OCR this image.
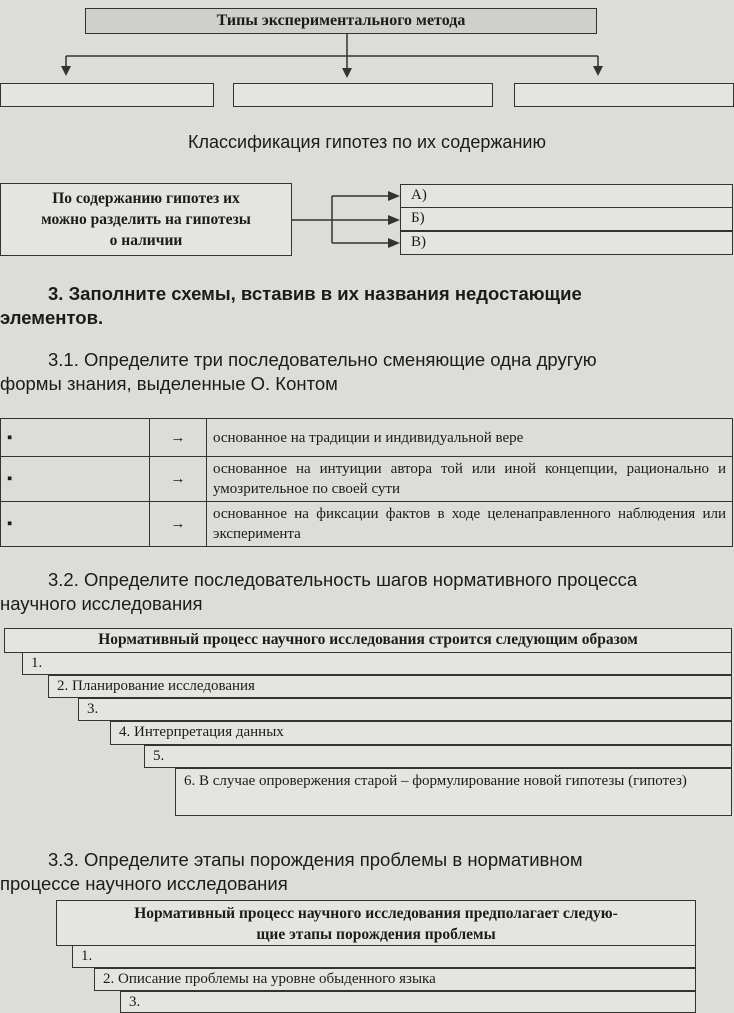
Типы экспериментального метода
Классификация гипотез по их содержанию
По содержанию гипотез их
можно разделить на гипотезы
о наличии
А)
Б)
В)
3. Заполните схемы, вставив в их названия недостающие
элементов.
3.1. Определите три последовательно сменяющие одна другую
формы знания, выделенные О. Контом
▪	→	основанное на традиции и индивидуальной вере
▪	→	основанное на интуиции автора той или иной концепции, рационально и умозрительное по своей сути
▪	→	основанное на фиксации фактов в ходе целенаправленного наблюдения или эксперимента
3.2. Определите последовательность шагов нормативного процесса
научного исследования
Нормативный процесс научного исследования строится следующим образом
1.
2. Планирование исследования
3.
4. Интерпретация данных
5.
6. В случае опровержения старой – формулирование новой гипотезы (гипотез)
3.3. Определите этапы порождения проблемы в нормативном
процессе научного исследования
Нормативный процесс научного исследования предполагает следую-
щие этапы порождения проблемы
1.
2. Описание проблемы на уровне обыденного языка
3.
